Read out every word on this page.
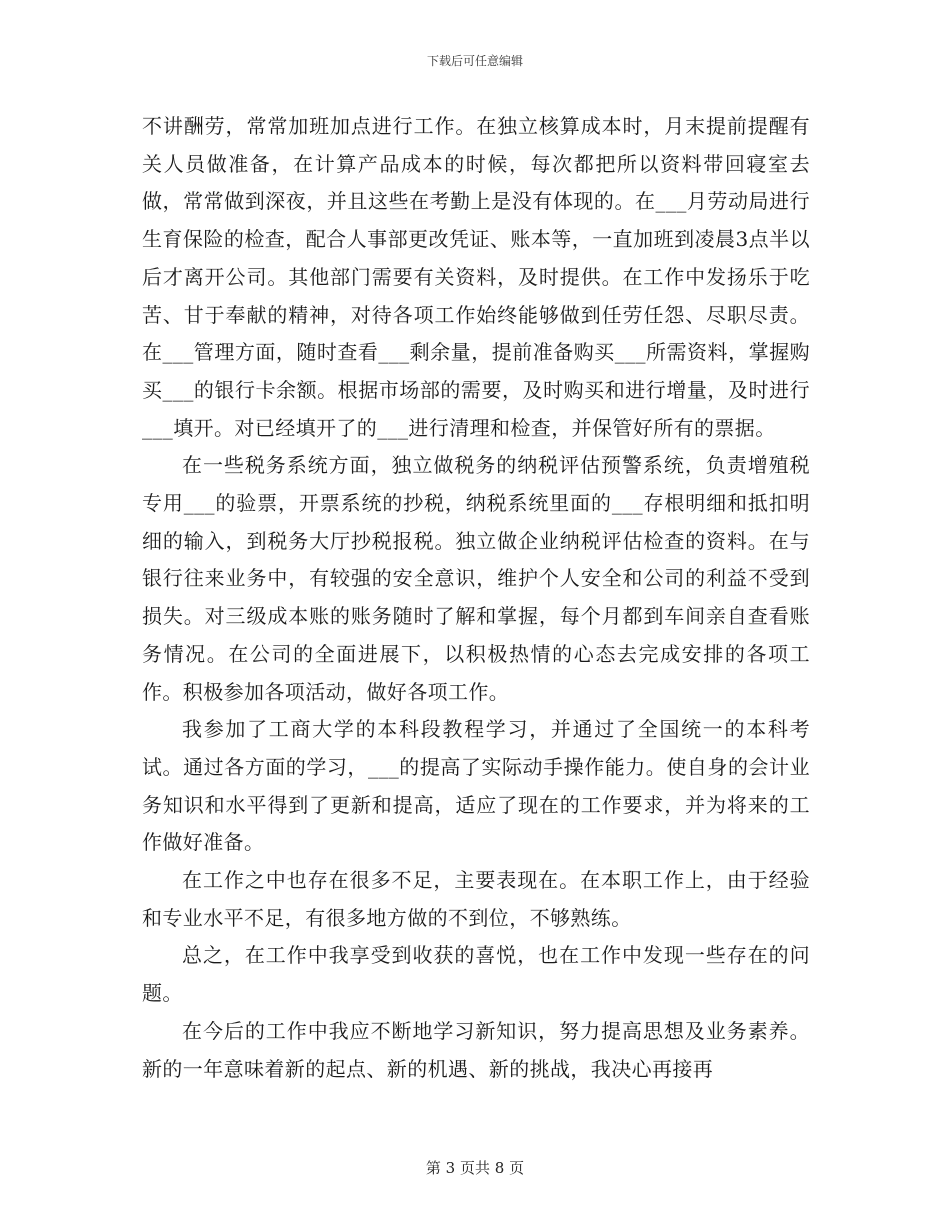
下载后可任意编辑

不讲酬劳，常常加班加点进行工作。在独立核算成本时，月末提前提醒有关人员做准备，在计算产品成本的时候，每次都把所以资料带回寝室去做，常常做到深夜，并且这些在考勤上是没有体现的。在___月劳动局进行生育保险的检查，配合人事部更改凭证、账本等，一直加班到凌晨3点半以后才离开公司。其他部门需要有关资料，及时提供。在工作中发扬乐于吃苦、甘于奉献的精神，对待各项工作始终能够做到任劳任怨、尽职尽责。在___管理方面，随时查看___剩余量，提前准备购买___所需资料，掌握购买___的银行卡余额。根据市场部的需要，及时购买和进行增量，及时进行___填开。对已经填开了的___进行清理和检查，并保管好所有的票据。

在一些税务系统方面，独立做税务的纳税评估预警系统，负责增殖税专用___的验票，开票系统的抄税，纳税系统里面的___存根明细和抵扣明细的输入，到税务大厅抄税报税。独立做企业纳税评估检查的资料。在与银行往来业务中，有较强的安全意识，维护个人安全和公司的利益不受到损失。对三级成本账的账务随时了解和掌握，每个月都到车间亲自查看账务情况。在公司的全面进展下，以积极热情的心态去完成安排的各项工作。积极参加各项活动，做好各项工作。

我参加了工商大学的本科段教程学习，并通过了全国统一的本科考试。通过各方面的学习，___的提高了实际动手操作能力。使自身的会计业务知识和水平得到了更新和提高，适应了现在的工作要求，并为将来的工作做好准备。

在工作之中也存在很多不足，主要表现在。在本职工作上，由于经验和专业水平不足，有很多地方做的不到位，不够熟练。

总之，在工作中我享受到收获的喜悦，也在工作中发现一些存在的问题。

在今后的工作中我应不断地学习新知识，努力提高思想及业务素养。新的一年意味着新的起点、新的机遇、新的挑战，我决心再接再

第 3 页共 8 页
